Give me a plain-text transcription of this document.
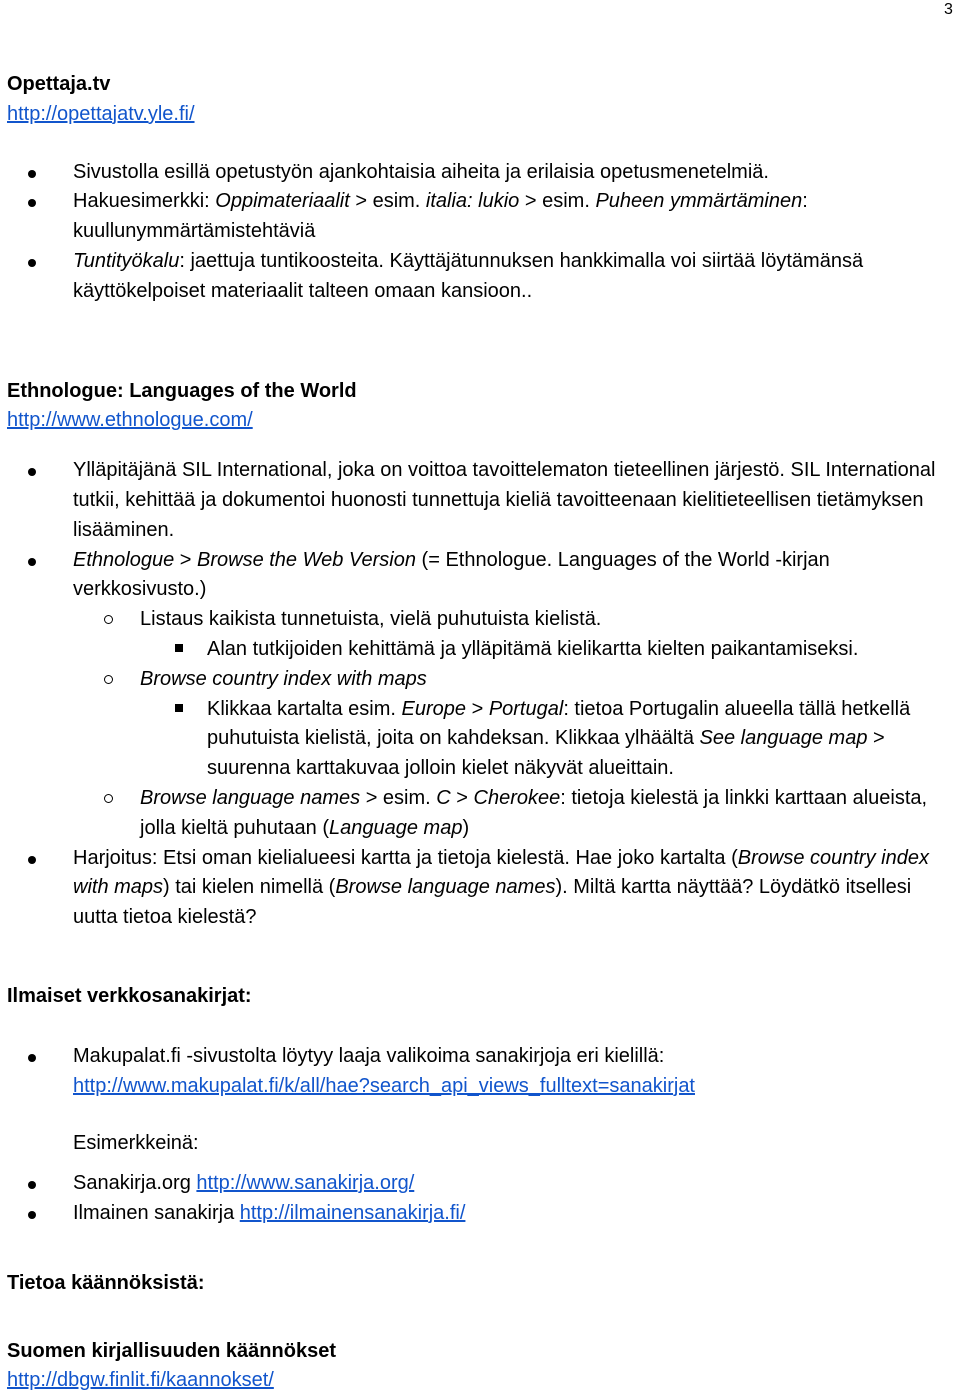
3
Opettaja.tv
http://opettajatv.yle.fi/
Sivustolla esillä opetustyön ajankohtaisia aiheita ja erilaisia opetusmenetelmiä.
Hakuesimerkki: Oppimateriaalit > esim. italia: lukio > esim. Puheen ymmärtäminen: kuullunymmärtämistehtäviä
Tuntityökalu: jaettuja tuntikoosteita. Käyttäjätunnuksen hankkimalla voi siirtää löytämänsä käyttökelpoiset materiaalit talteen omaan kansioon..
Ethnologue: Languages of the World
http://www.ethnologue.com/
Ylläpitäjänä SIL International, joka on voittoa tavoittelematon tieteellinen järjestö. SIL International tutkii, kehittää ja dokumentoi huonosti tunnettuja kieliä tavoitteenaan kielitieteellisen tietämyksen lisääminen.
Ethnologue > Browse the Web Version (= Ethnologue. Languages of the World -kirjan verkkosivusto.)
Listaus kaikista tunnetuista, vielä puhutuista kielistä.
Alan tutkijoiden kehittämä ja ylläpitämä kielikartta kielten paikantamiseksi.
Browse country index with maps
Klikkaa kartalta esim. Europe > Portugal: tietoa Portugalin alueella tällä hetkellä puhutuista kielistä, joita on kahdeksan. Klikkaa ylhäältä See language map > suurenna karttakuvaa jolloin kielet näkyvät alueittain.
Browse language names > esim. C > Cherokee: tietoja kielestä ja linkki karttaan alueista, jolla kieltä puhutaan (Language map)
Harjoitus: Etsi oman kielialueesi kartta ja tietoja kielestä. Hae joko kartalta (Browse country index with maps) tai kielen nimellä (Browse language names). Miltä kartta näyttää? Löydätkö itsellesi uutta tietoa kielestä?
Ilmaiset verkkosanakirjat:
Makupalat.fi -sivustolta löytyy laaja valikoima sanakirjoja eri kielillä: http://www.makupalat.fi/k/all/hae?search_api_views_fulltext=sanakirjat
Esimerkkeinä:
Sanakirja.org http://www.sanakirja.org/
Ilmainen sanakirja http://ilmainensanakirja.fi/
Tietoa käännöksistä:
Suomen kirjallisuuden käännökset
http://dbgw.finlit.fi/kaannokset/
